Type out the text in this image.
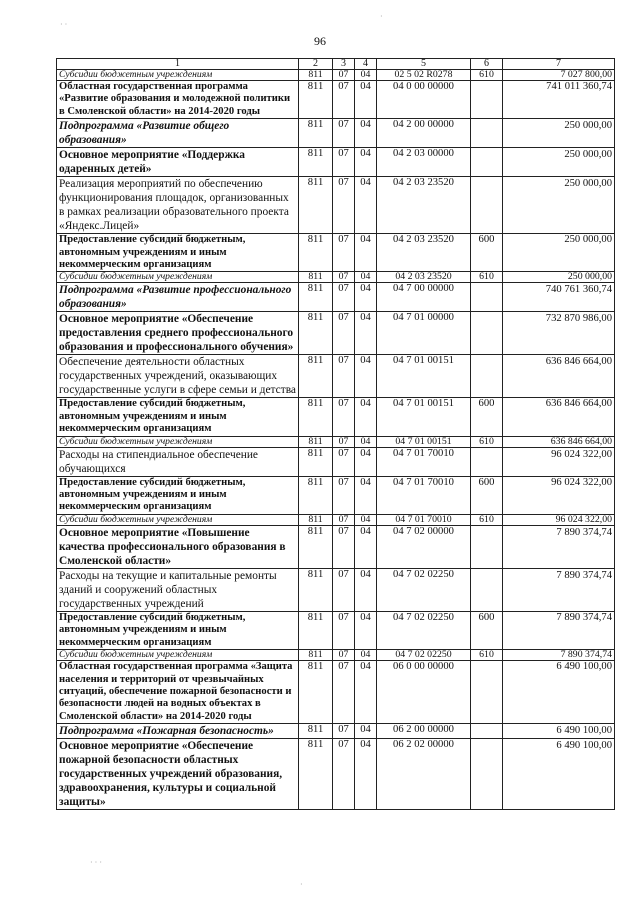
96
1	2	3	4	5	6	7
Субсидии бюджетным учреждениям	811	07	04	02 5 02 R0278	610	7 027 800,00
Областная государственная программа «Развитие образования и молодежной политики в Смоленской области» на 2014-2020 годы	811	07	04	04 0 00 00000		741 011 360,74
Подпрограмма «Развитие общего образования»	811	07	04	04 2 00 00000		250 000,00
Основное мероприятие «Поддержка одаренных детей»	811	07	04	04 2 03 00000		250 000,00
Реализация мероприятий по обеспечению функционирования площадок, организованных в рамках реализации образовательного проекта «Яндекс.Лицей»	811	07	04	04 2 03 23520		250 000,00
Предоставление субсидий бюджетным, автономным учреждениям и иным некоммерческим организациям	811	07	04	04 2 03 23520	600	250 000,00
Субсидии бюджетным учреждениям	811	07	04	04 2 03 23520	610	250 000,00
Подпрограмма «Развитие профессионального образования»	811	07	04	04 7 00 00000		740 761 360,74
Основное мероприятие «Обеспечение предоставления среднего профессионального образования и профессионального обучения»	811	07	04	04 7 01 00000		732 870 986,00
Обеспечение деятельности областных государственных учреждений, оказывающих государственные услуги в сфере семьи и детства	811	07	04	04 7 01 00151		636 846 664,00
Предоставление субсидий бюджетным, автономным учреждениям и иным некоммерческим организациям	811	07	04	04 7 01 00151	600	636 846 664,00
Субсидии бюджетным учреждениям	811	07	04	04 7 01 00151	610	636 846 664,00
Расходы на стипендиальное обеспечение обучающихся	811	07	04	04 7 01 70010		96 024 322,00
Предоставление субсидий бюджетным, автономным учреждениям и иным некоммерческим организациям	811	07	04	04 7 01 70010	600	96 024 322,00
Субсидии бюджетным учреждениям	811	07	04	04 7 01 70010	610	96 024 322,00
Основное мероприятие «Повышение качества профессионального образования в Смоленской области»	811	07	04	04 7 02 00000		7 890 374,74
Расходы на текущие и капитальные ремонты зданий и сооружений областных государственных учреждений	811	07	04	04 7 02 02250		7 890 374,74
Предоставление субсидий бюджетным, автономным учреждениям и иным некоммерческим организациям	811	07	04	04 7 02 02250	600	7 890 374,74
Субсидии бюджетным учреждениям	811	07	04	04 7 02 02250	610	7 890 374,74
Областная государственная программа «Защита населения и территорий от чрезвычайных ситуаций, обеспечение пожарной безопасности и безопасности людей на водных объектах в Смоленской области» на 2014-2020 годы	811	07	04	06 0 00 00000		6 490 100,00
Подпрограмма «Пожарная безопасность»	811	07	04	06 2 00 00000		6 490 100,00
Основное мероприятие «Обеспечение пожарной безопасности областных государственных учреждений образования, здравоохранения, культуры и социальной защиты»	811	07	04	06 2 02 00000		6 490 100,00
· ·
·
· · ·
·
